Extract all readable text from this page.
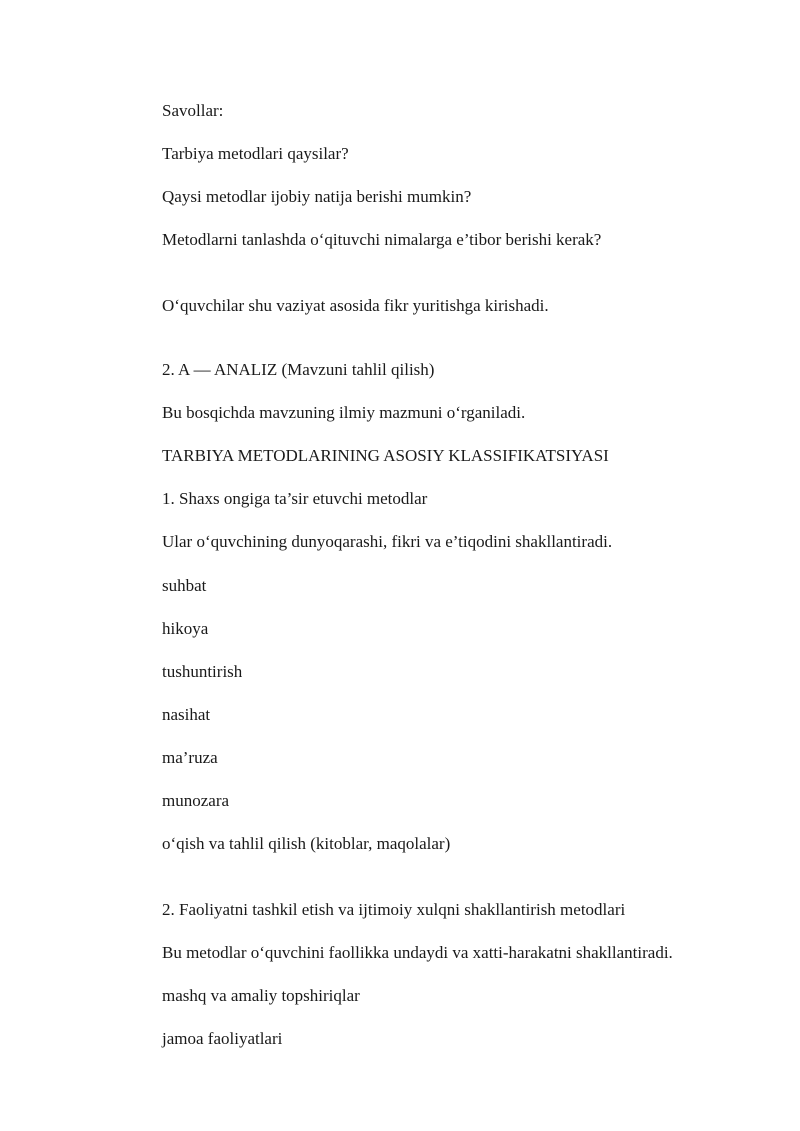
Savollar:

Tarbiya metodlari qaysilar?

Qaysi metodlar ijobiy natija berishi mumkin?

Metodlarni tanlashda o‘qituvchi nimalarga e’tibor berishi kerak?

O‘quvchilar shu vaziyat asosida fikr yuritishga kirishadi.

2. A — ANALIZ (Mavzuni tahlil qilish)

Bu bosqichda mavzuning ilmiy mazmuni o‘rganiladi.

TARBIYA METODLARINING ASOSIY KLASSIFIKATSIYASI

1. Shaxs ongiga ta’sir etuvchi metodlar

Ular o‘quvchining dunyoqarashi, fikri va e’tiqodini shakllantiradi.

suhbat

hikoya

tushuntirish

nasihat

ma’ruza

munozara

o‘qish va tahlil qilish (kitoblar, maqolalar)

2. Faoliyatni tashkil etish va ijtimoiy xulqni shakllantirish metodlari

Bu metodlar o‘quvchini faollikka undaydi va xatti-harakatni shakllantiradi.

mashq va amaliy topshiriqlar

jamoa faoliyatlari
